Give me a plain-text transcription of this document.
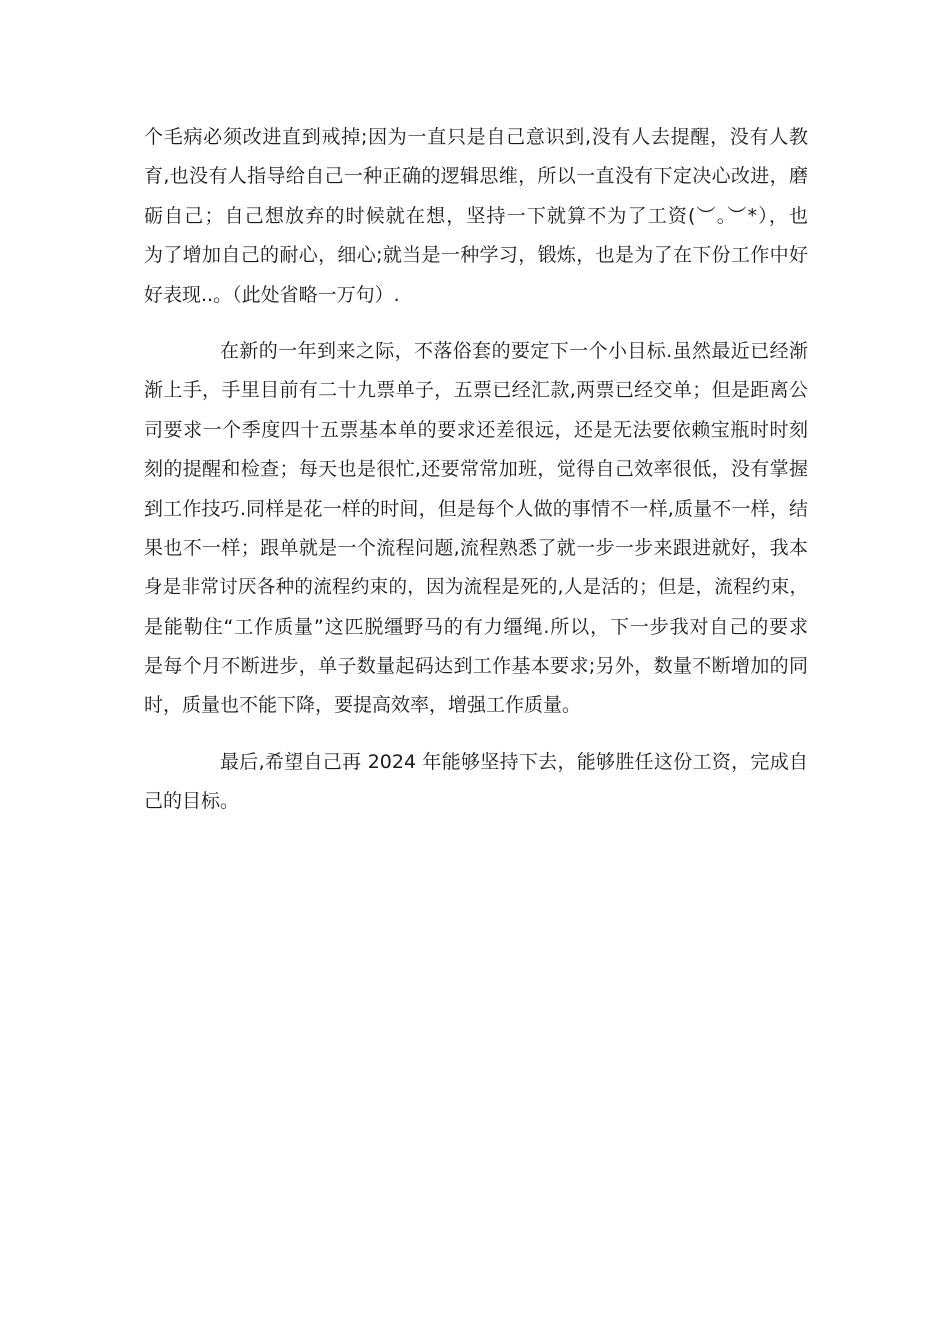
个毛病必须改进直到戒掉;因为一直只是自己意识到,没有人去提醒，没有人教
育,也没有人指导给自己一种正确的逻辑思维，所以一直没有下定决心改进，磨
砺自己；自己想放弃的时候就在想，坚持一下就算不为了工资(︶。︶*），也
为了增加自己的耐心，细心;就当是一种学习，锻炼，也是为了在下份工作中好
好表现..。（此处省略一万句）.
在新的一年到来之际，不落俗套的要定下一个小目标.虽然最近已经渐
渐上手，手里目前有二十九票单子，五票已经汇款,两票已经交单；但是距离公
司要求一个季度四十五票基本单的要求还差很远，还是无法要依赖宝瓶时时刻
刻的提醒和检查；每天也是很忙,还要常常加班，觉得自己效率很低，没有掌握
到工作技巧.同样是花一样的时间，但是每个人做的事情不一样,质量不一样，结
果也不一样；跟单就是一个流程问题,流程熟悉了就一步一步来跟进就好，我本
身是非常讨厌各种的流程约束的，因为流程是死的,人是活的；但是，流程约束，
是能勒住“工作质量”这匹脱缰野马的有力缰绳.所以，下一步我对自己的要求
是每个月不断进步，单子数量起码达到工作基本要求;另外，数量不断增加的同
时，质量也不能下降，要提高效率，增强工作质量。
最后,希望自己再 2024 年能够坚持下去，能够胜任这份工资，完成自
己的目标。
